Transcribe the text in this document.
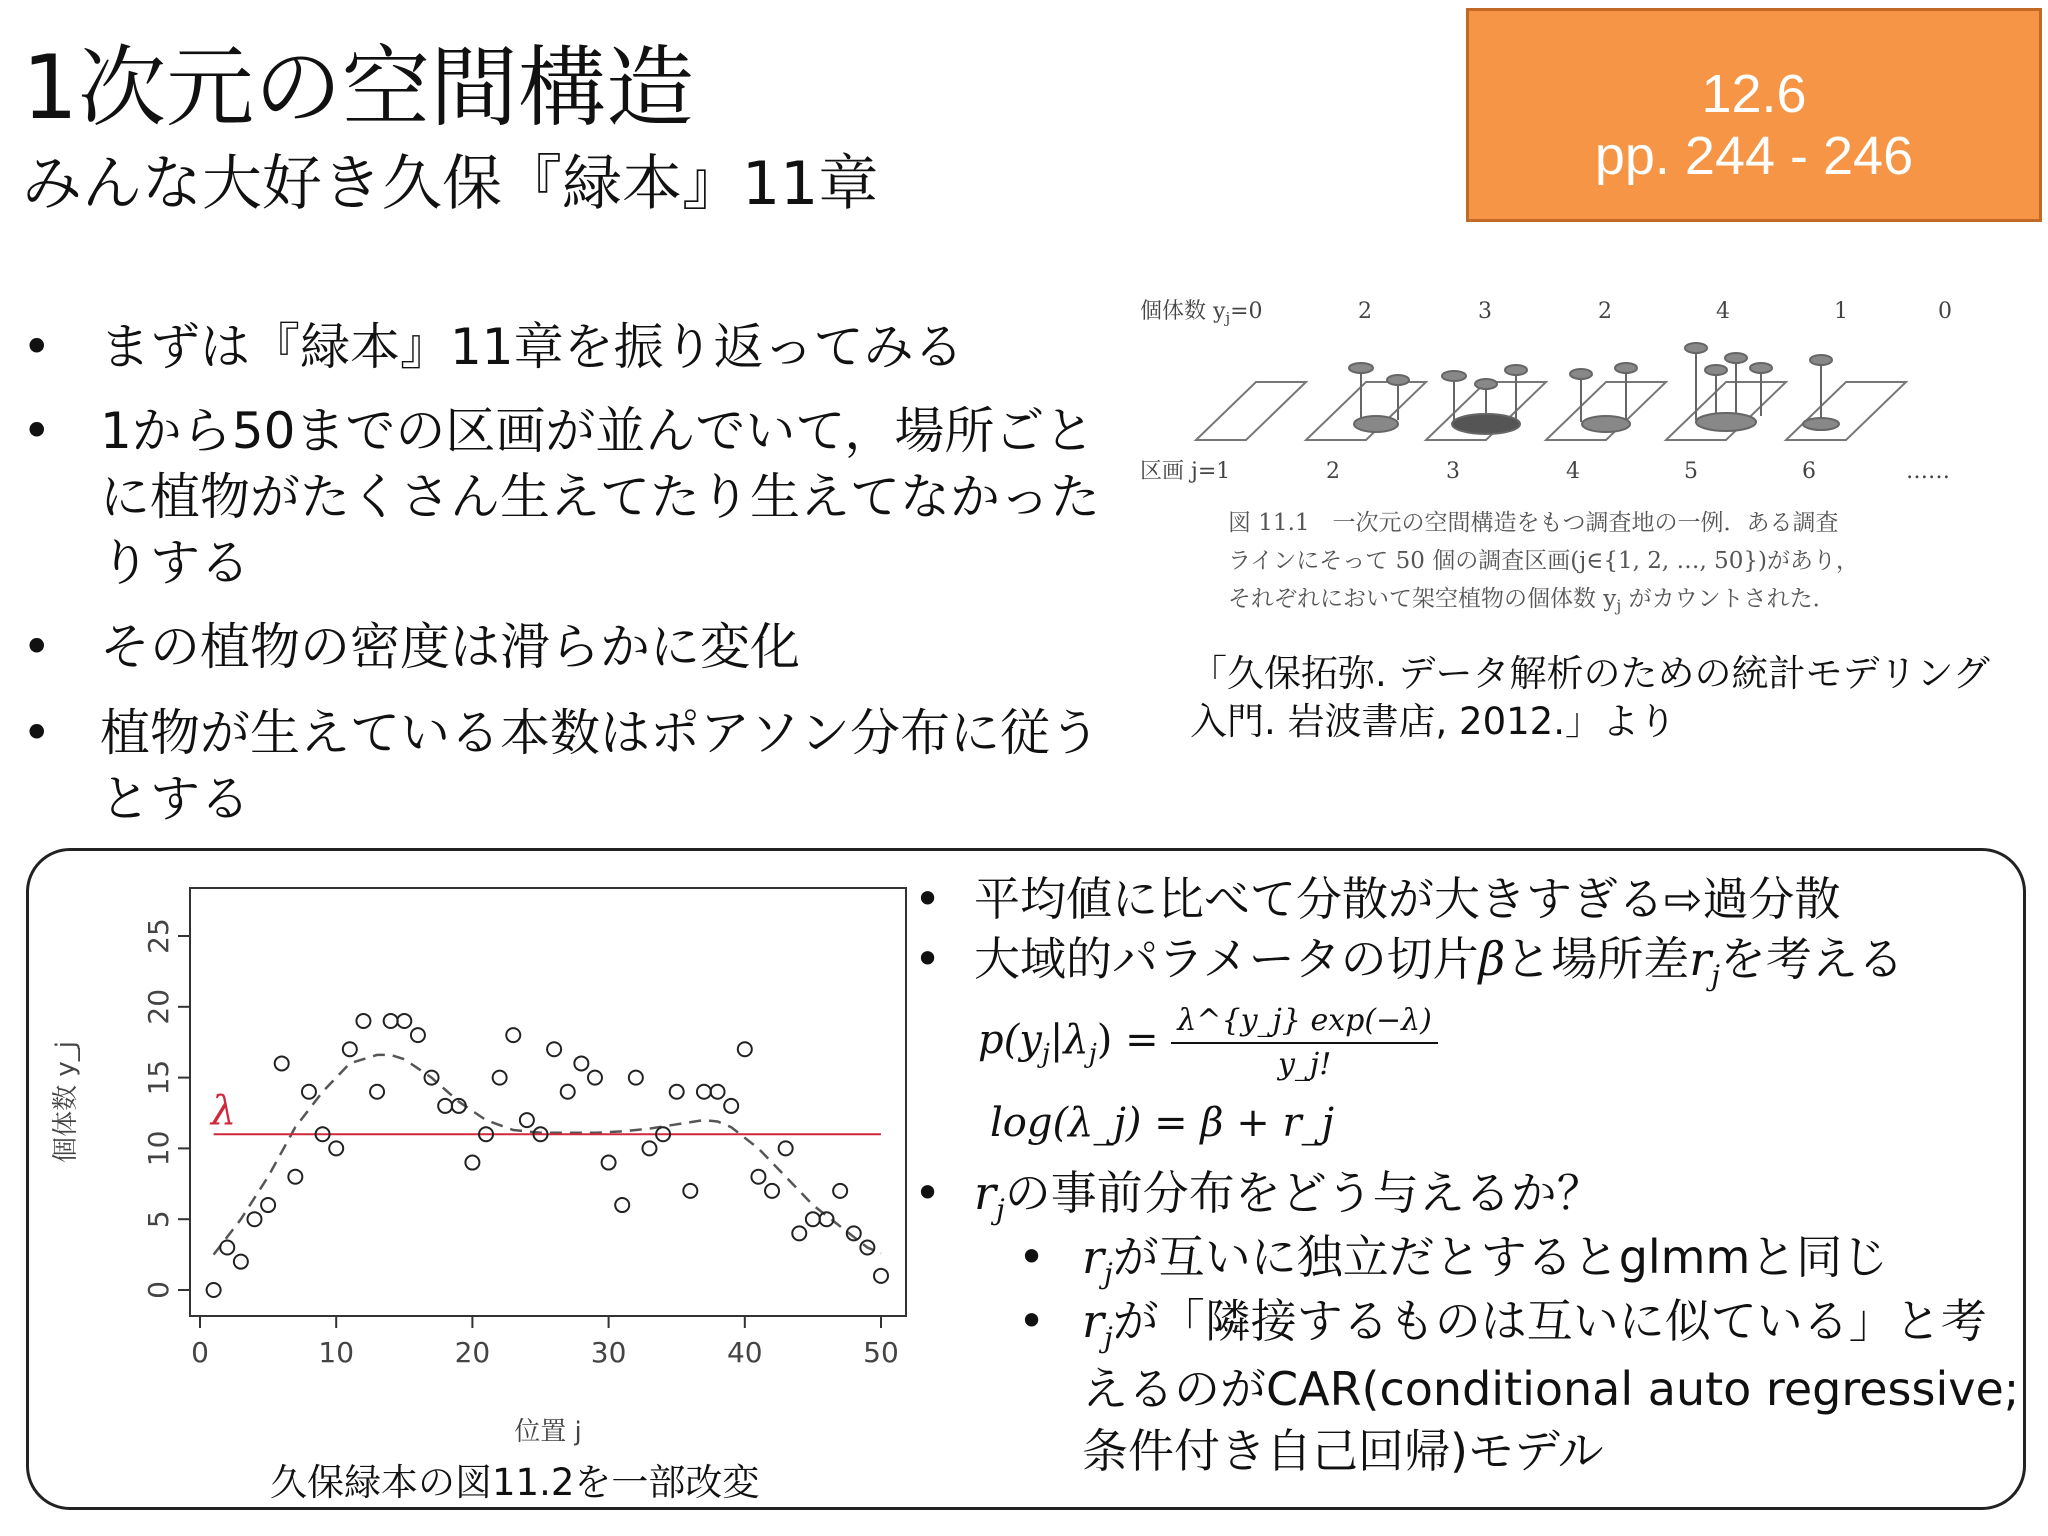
1次元の空間構造
みんな大好き久保『緑本』11章
12.6
pp. 244 - 246
• まずは『緑本』11章を振り返ってみる
• 1から50までの区画が並んでいて，場所ごとに植物がたくさん生えてたり生えてなかったりする
• その植物の密度は滑らかに変化
• 植物が生えている本数はポアソン分布に従うとする
個体数 $y_j=0$	2	3	2	4	1	0
区画 j=1	2	3	4	5	6	……
図 11.1　一次元の空間構造をもつ調査地の一例．ある調査
ラインにそって 50 個の調査区画(j∈{1, 2, …, 50})があり，
それぞれにおいて架空植物の個体数 $y_j$ がカウントされた．
「久保拓弥. データ解析のための統計モデリング
入門. 岩波書店, 2012.」より
0	10	20	30	40	50
0
5
10
15
20
25
λ
位置 j
個体数 y_j
久保緑本の図11.2を一部改変
• 平均値に比べて分散が大きすぎる⇨過分散
• 大域的パラメータの切片βと場所差$r_j$を考える
$p(y_j|\lambda_j) = \frac{\lambda\^{}\{y\_j\} \exp(-\lambda)}{y\_j!}$
log(λ_j) = β + r_j
• $r_j$の事前分布をどう与えるか？
• $r_j$が互いに独立だとするとglmmと同じ
• $r_j$が「隣接するものは互いに似ている」と考
えるのがCAR(conditional auto regressive;
条件付き自己回帰)モデル
